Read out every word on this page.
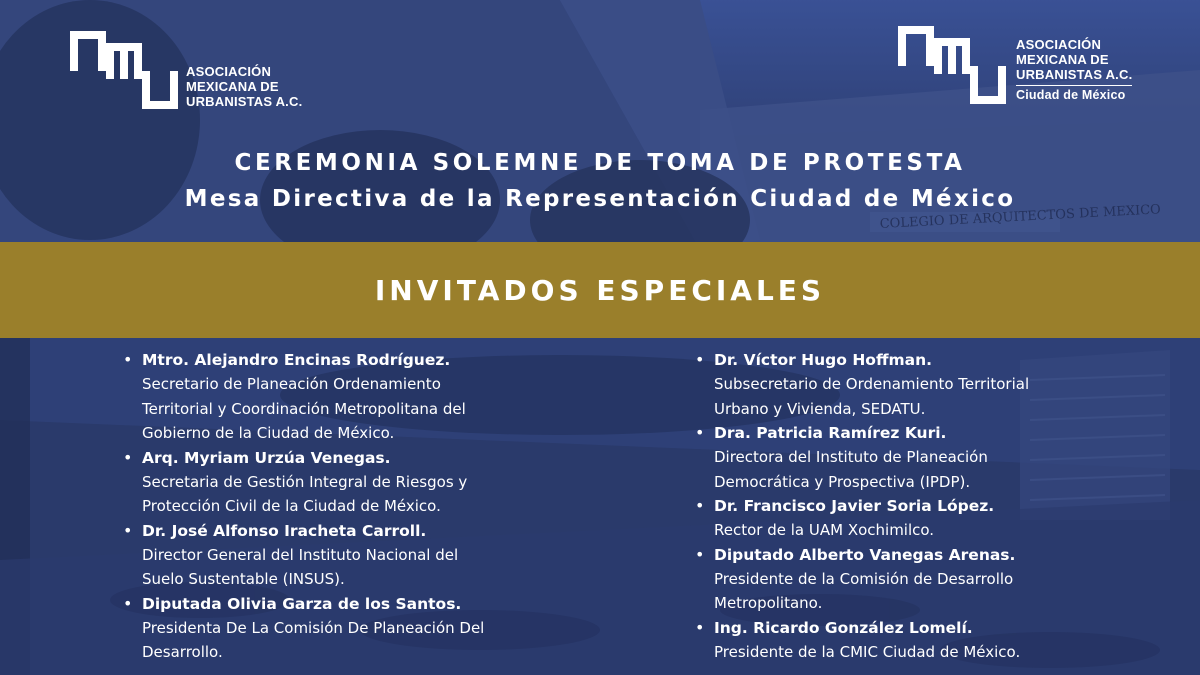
COLEGIO DE ARQUITECTOS DE MEXICO
ASOCIACIÓN
MEXICANA DE
URBANISTAS A.C.
ASOCIACIÓN
MEXICANA DE
URBANISTAS A.C.
Ciudad de México
CEREMONIA SOLEMNE DE TOMA DE PROTESTA
Mesa Directiva de la Representación Ciudad de México
INVITADOS ESPECIALES
• Mtro. Alejandro Encinas Rodríguez.
Secretario de Planeación Ordenamiento
Territorial y Coordinación Metropolitana del
Gobierno de la Ciudad de México.
• Arq. Myriam Urzúa Venegas.
Secretaria de Gestión Integral de Riesgos y
Protección Civil de la Ciudad de México.
• Dr. José Alfonso Iracheta Carroll.
Director General del Instituto Nacional del
Suelo Sustentable (INSUS).
• Diputada Olivia Garza de los Santos.
Presidenta De La Comisión De Planeación Del
Desarrollo.
• Dr. Víctor Hugo Hoffman.
Subsecretario de Ordenamiento Territorial
Urbano y Vivienda, SEDATU.
• Dra. Patricia Ramírez Kuri.
Directora del Instituto de Planeación
Democrática y Prospectiva (IPDP).
• Dr. Francisco Javier Soria López.
Rector de la UAM Xochimilco.
• Diputado Alberto Vanegas Arenas.
Presidente de la Comisión de Desarrollo
Metropolitano.
• Ing. Ricardo González Lomelí.
Presidente de la CMIC Ciudad de México.
